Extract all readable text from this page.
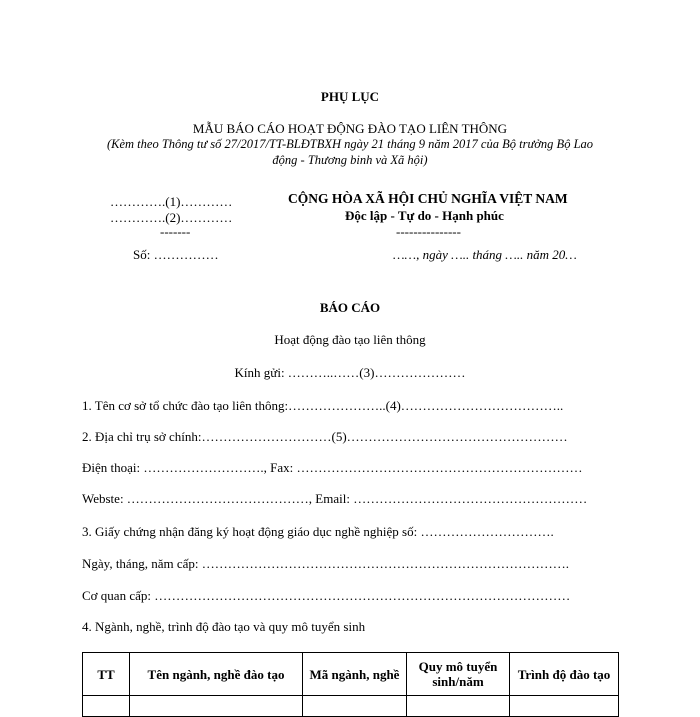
PHỤ LỤC
MẪU BÁO CÁO HOẠT ĐỘNG ĐÀO TẠO LIÊN THÔNG
(Kèm theo Thông tư số 27/2017/TT-BLĐTBXH ngày 21 tháng 9 năm 2017 của Bộ trưởng Bộ Lao
động - Thương binh và Xã hội)
………….(1)…………
………….(2)…………
-------
Số: ……………
CỘNG HÒA XÃ HỘI CHỦ NGHĨA VIỆT NAM
Độc lập - Tự do - Hạnh phúc
---------------
……, ngày ….. tháng ….. năm 20…
BÁO CÁO
Hoạt động đào tạo liên thông
Kính gửi: ………..……(3)…………………
1. Tên cơ sở tổ chức đào tạo liên thông:…………………..(4)………………………………..
2. Địa chỉ trụ sở chính:…………………………(5)……………………………………………
Điện thoại: ………………………., Fax: …………………………………………………………
Webste: ……………………………………, Email: ………………………………………………
3. Giấy chứng nhận đăng ký hoạt động giáo dục nghề nghiệp số: ………………………….
Ngày, tháng, năm cấp: ………………………………………………………………………….
Cơ quan cấp: ……………………………………………………………………………………
4. Ngành, nghề, trình độ đào tạo và quy mô tuyển sinh
TT	Tên ngành, nghề đào tạo	Mã ngành, nghề	Quy mô tuyển sinh/năm	Trình độ đào tạo
